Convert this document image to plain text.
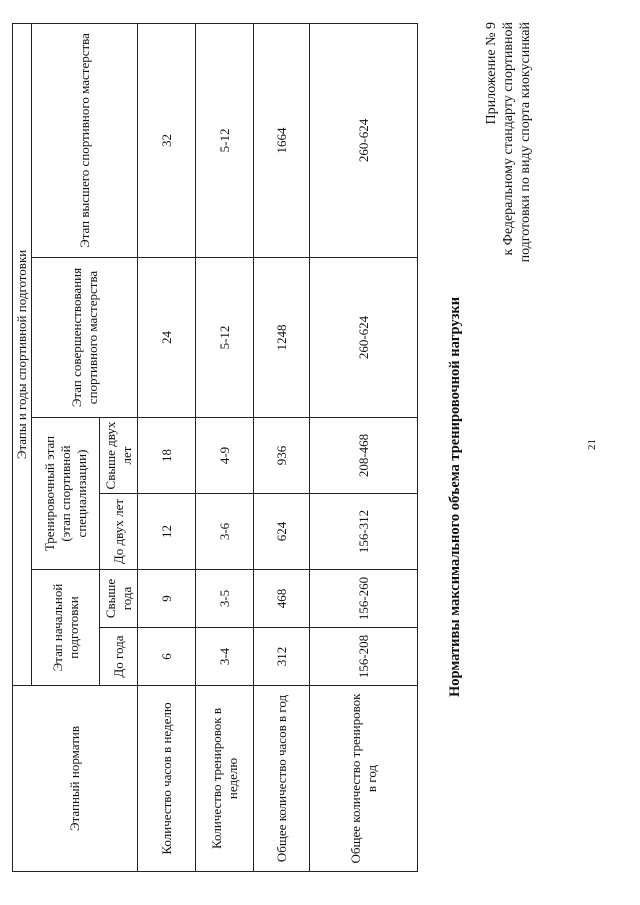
21
Приложение № 9 к Федеральному стандарту спортивной подготовки по виду спорта киокусинкай
Нормативы максимального объема тренировочной нагрузки
Этапный норматив	Этапы и годы спортивной подготовки					
	Этап начальной подготовки		Тренировочный этап (этап спортивной специализации)		Этап совершенствования спортивного мастерства	Этап высшего спортивного мастерства
	До года	Свыше года	До двух лет	Свыше двух лет		
Количество часов в неделю	6	9	12	18	24	32
Количество тренировок в неделю	3-4	3-5	3-6	4-9	5-12	5-12
Общее количество часов в год	312	468	624	936	1248	1664
Общее количество тренировок в год	156-208	156-260	156-312	208-468	260-624	260-624
